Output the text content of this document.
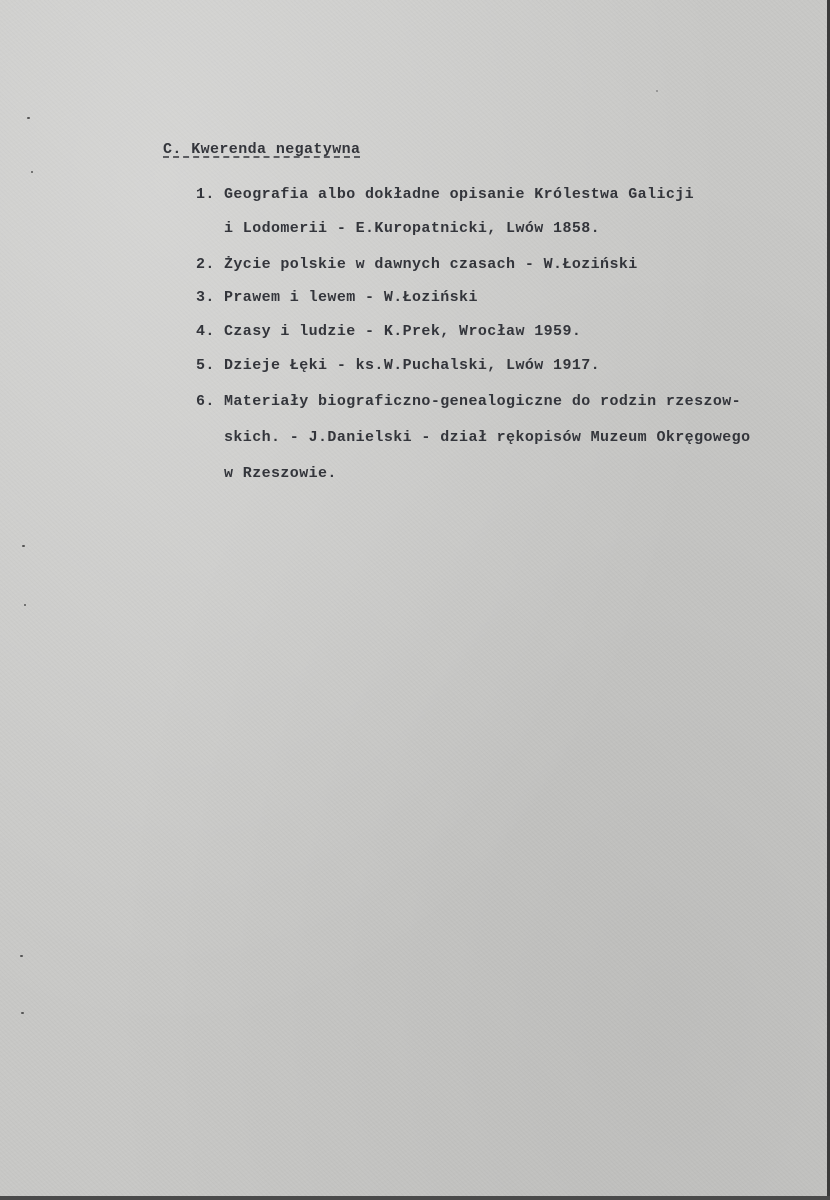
C. Kwerenda negatywna
1. Geografia albo dokładne opisanie Królestwa Galicji
i Lodomerii - E.Kuropatnicki, Lwów 1858.
2. Życie polskie w dawnych czasach - W.Łoziński
3. Prawem i lewem - W.Łoziński
4. Czasy i ludzie - K.Prek, Wrocław 1959.
5. Dzieje Łęki - ks.W.Puchalski, Lwów 1917.
6. Materiały biograficzno-genealogiczne do rodzin rzeszow-
skich. - J.Danielski - dział rękopisów Muzeum Okręgowego
w Rzeszowie.
